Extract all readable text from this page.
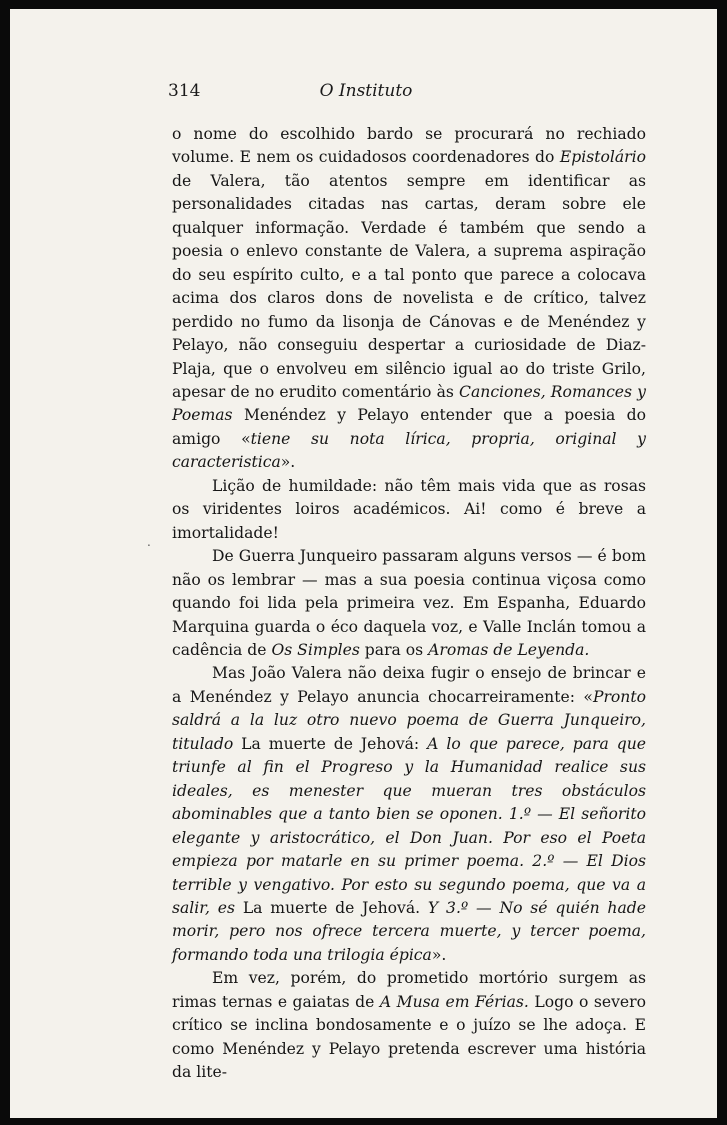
314	O Instituto
.

o nome do escolhido bardo se procurará no rechiado volume. E nem os cuidadosos coordenadores do Epistolário de Valera, tão atentos sempre em identificar as personalidades citadas nas cartas, deram sobre ele qualquer informação. Verdade é também que sendo a poesia o enlevo constante de Valera, a suprema aspiração do seu espírito culto, e a tal ponto que parece a colocava acima dos claros dons de novelista e de crítico, talvez perdido no fumo da lisonja de Cánovas e de Menéndez y Pelayo, não conseguiu despertar a curiosidade de Diaz-Plaja, que o envolveu em silêncio igual ao do triste Grilo, apesar de no erudito comentário às Canciones, Romances y Poemas Menéndez y Pelayo entender que a poesia do amigo «tiene su nota lírica, propria, original y caracteristica».

Lição de humildade: não têm mais vida que as rosas os viridentes loiros académicos. Ai! como é breve a imortalidade!

De Guerra Junqueiro passaram alguns versos — é bom não os lembrar — mas a sua poesia continua viçosa como quando foi lida pela primeira vez. Em Espanha, Eduardo Marquina guarda o éco daquela voz, e Valle Inclán tomou a cadência de Os Simples para os Aromas de Leyenda.

Mas João Valera não deixa fugir o ensejo de brincar e a Menéndez y Pelayo anuncia chocarreiramente: «Pronto saldrá a la luz otro nuevo poema de Guerra Junqueiro, titulado La muerte de Jehová: A lo que parece, para que triunfe al fin el Progreso y la Humanidad realice sus ideales, es menester que mueran tres obstáculos abominables que a tanto bien se oponen. 1.º — El señorito elegante y aristocrático, el Don Juan. Por eso el Poeta empieza por matarle en su primer poema. 2.º — El Dios terrible y vengativo. Por esto su segundo poema, que va a salir, es La muerte de Jehová. Y 3.º — No sé quién hade morir, pero nos ofrece tercera muerte, y tercer poema, formando toda una trilogia épica».

Em vez, porém, do prometido mortório surgem as rimas ternas e gaiatas de A Musa em Férias. Logo o severo crítico se inclina bondosamente e o juízo se lhe adoça. E como Menéndez y Pelayo pretenda escrever uma história da lite-
